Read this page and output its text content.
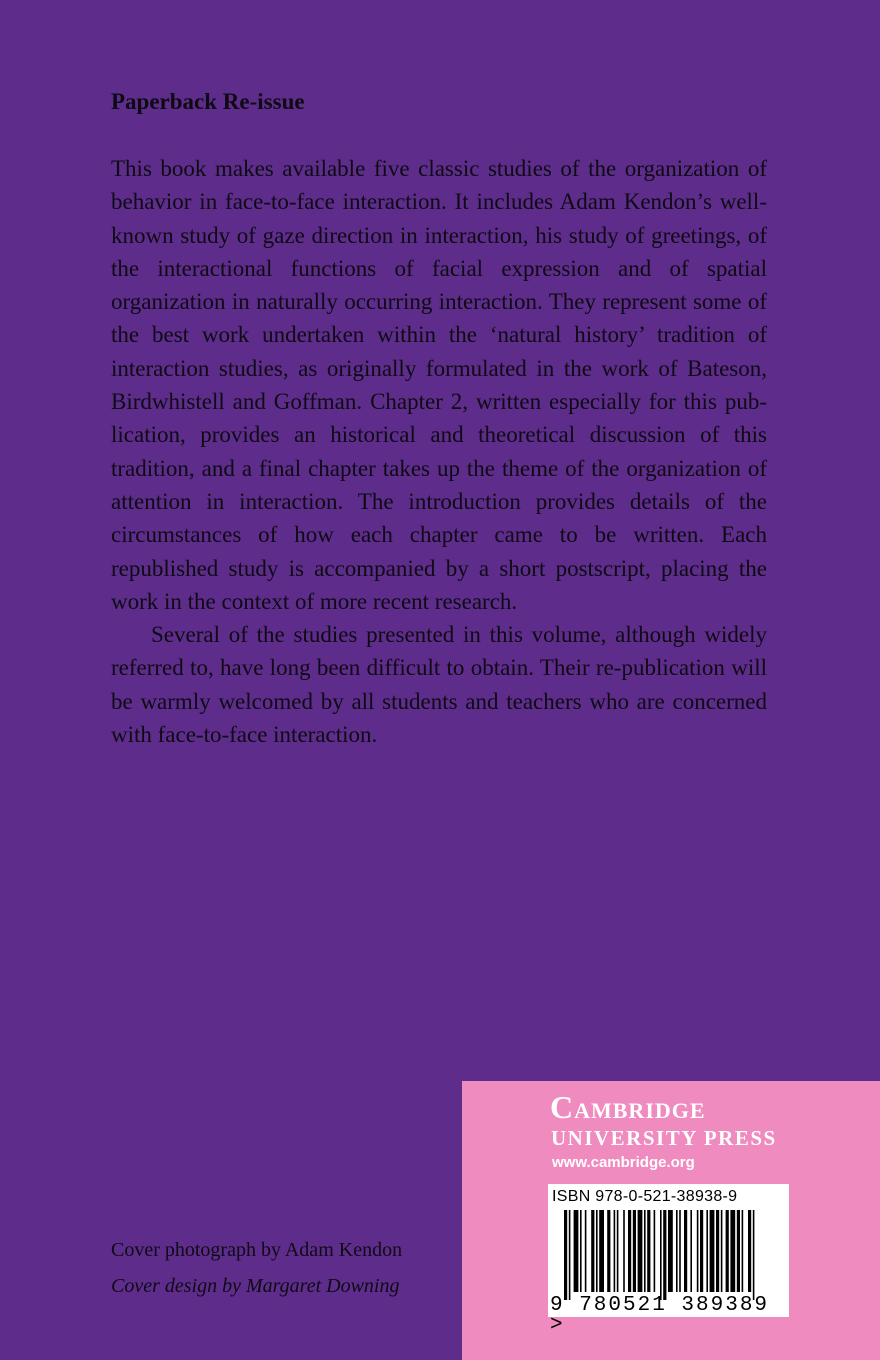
Paperback Re-issue

This book makes available five classic studies of the organization of behavior in face-to-face interaction. It includes Adam Kendon’s well-known study of gaze direction in interaction, his study of greetings, of the interactional functions of facial expression and of spatial organization in naturally occurring interaction. They represent some of the best work undertaken within the ‘natural history’ tradition of interaction studies, as originally formulated in the work of Bateson, Birdwhistell and Goffman. Chapter 2, written especially for this publication, provides an historical and theoretical discussion of this tradition, and a final chapter takes up the theme of the organization of attention in interaction. The introduction provides details of the circumstances of how each chapter came to be written. Each republished study is accompanied by a short postscript, placing the work in the context of more recent research.

Several of the studies presented in this volume, although widely referred to, have long been difficult to obtain. Their re-publication will be warmly welcomed by all students and teachers who are concerned with face-to-face interaction.

Cover photograph by Adam Kendon
Cover design by Margaret Downing
Cambridge
UNIVERSITY PRESS
www.cambridge.org
ISBN 978-0-521-38938-9
9 780521 389389 >
